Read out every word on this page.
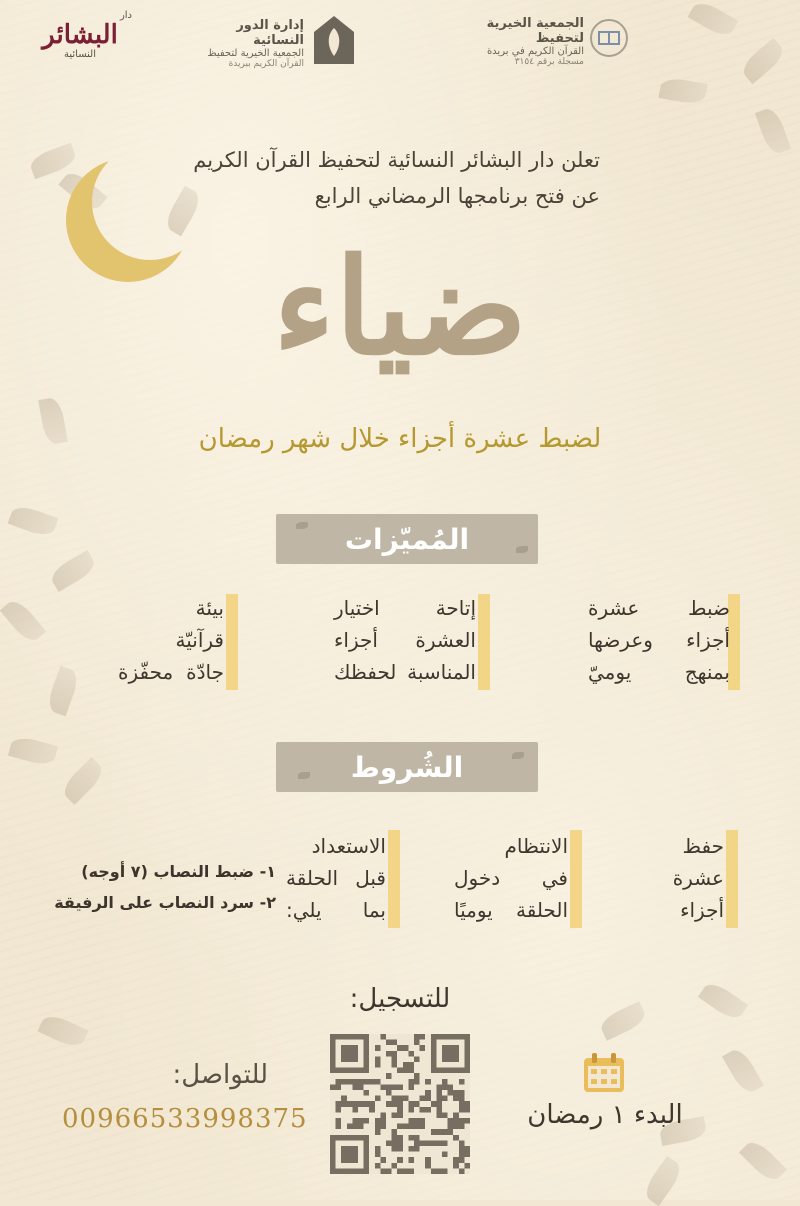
الجمعية الخيرية لتحفيظ
القرآن الكريم في بريدة
مسجلة برقم ٣١٥٤
إدارة الدور النسائية
الجمعية الخيرية لتحفيظ
القرآن الكريم ببريدة
دار
البشائر
النسائية
تعلن دار البشائر النسائية لتحفيظ القرآن الكريم
عن فتح برنامجها الرمضاني الرابع
ضياء
لضبط عشرة أجزاء خلال شهر رمضان
المُميّزات
ضبط عشرة
أجزاء وعرضها
بمنهج يوميّ
إتاحة اختيار
العشرة أجزاء
المناسبة لحفظك
بيئة
قرآنيّة
جادّة محفّزة
الشُروط
حفظ
عشرة
أجزاء
الانتظام
في دخول
الحلقة يوميًا
الاستعداد
قبل الحلقة
بما يلي:
١- ضبط النصاب (٧ أوجه)
٢- سرد النصاب على الرفيقة
للتسجيل:
للتواصل:
00966533998375	البدء ١ رمضان
